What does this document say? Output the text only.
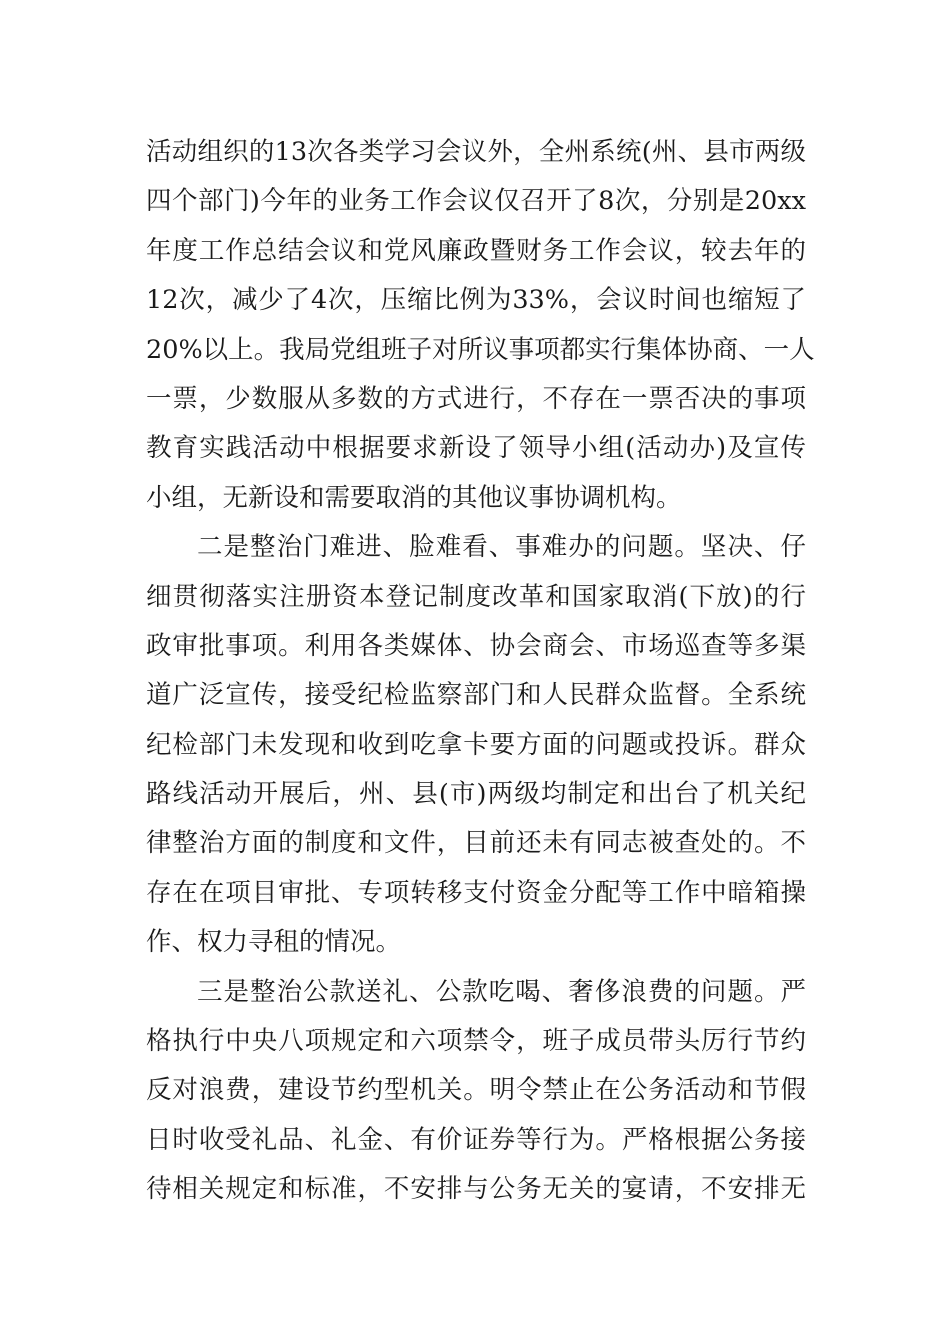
活动组织的13次各类学习会议外，全州系统(州、县市两级
四个部门)今年的业务工作会议仅召开了8次，分别是20xx
年度工作总结会议和党风廉政暨财务工作会议，较去年的
12次，减少了4次，压缩比例为33%，会议时间也缩短了
20%以上。我局党组班子对所议事项都实行集体协商、一人
一票，少数服从多数的方式进行，不存在一票否决的事项
教育实践活动中根据要求新设了领导小组(活动办)及宣传
小组，无新设和需要取消的其他议事协调机构。
二是整治门难进、脸难看、事难办的问题。坚决、仔
细贯彻落实注册资本登记制度改革和国家取消(下放)的行
政审批事项。利用各类媒体、协会商会、市场巡查等多渠
道广泛宣传，接受纪检监察部门和人民群众监督。全系统
纪检部门未发现和收到吃拿卡要方面的问题或投诉。群众
路线活动开展后，州、县(市)两级均制定和出台了机关纪
律整治方面的制度和文件，目前还未有同志被查处的。不
存在在项目审批、专项转移支付资金分配等工作中暗箱操
作、权力寻租的情况。
三是整治公款送礼、公款吃喝、奢侈浪费的问题。严
格执行中央八项规定和六项禁令，班子成员带头厉行节约
反对浪费，建设节约型机关。明令禁止在公务活动和节假
日时收受礼品、礼金、有价证券等行为。严格根据公务接
待相关规定和标准，不安排与公务无关的宴请，不安排无
